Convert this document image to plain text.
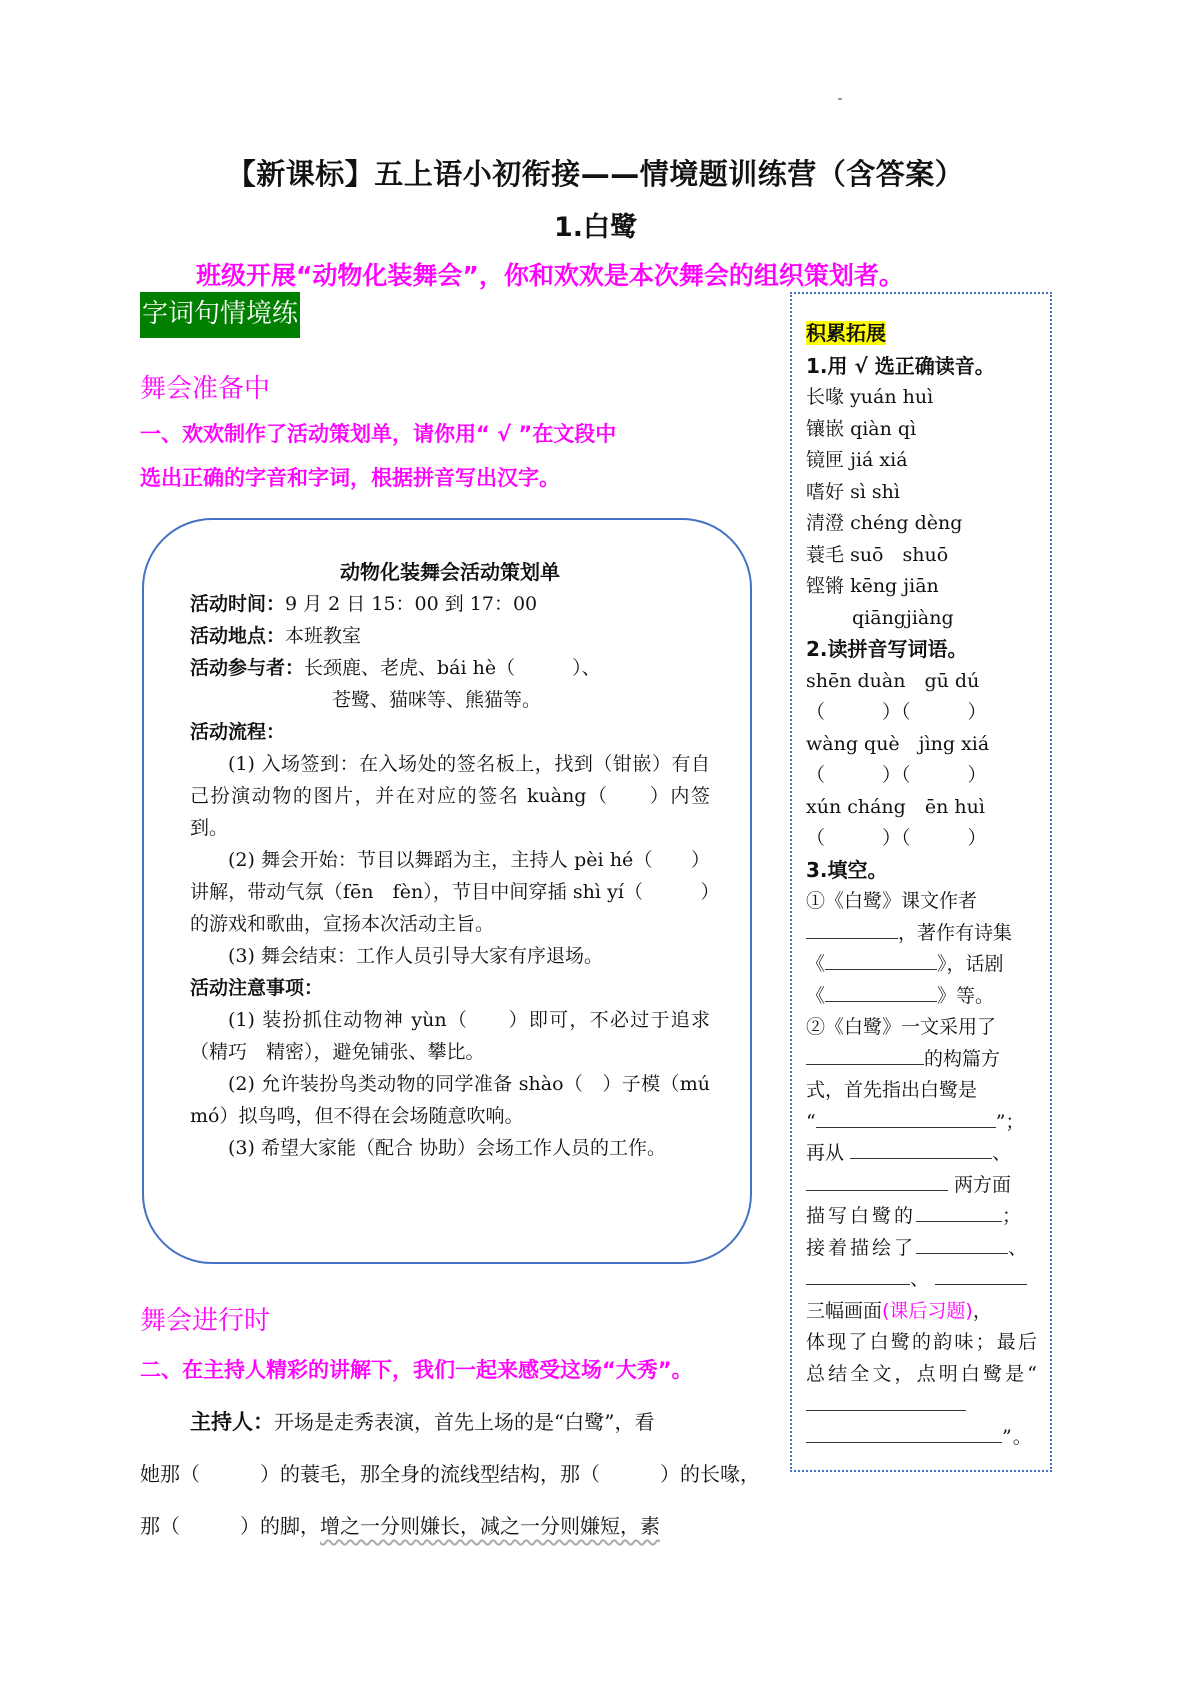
【新课标】五上语小初衔接——情境题训练营（含答案）
1.白鹭
班级开展“动物化装舞会”，你和欢欢是本次舞会的组织策划者。
字词句情境练
舞会准备中
一、欢欢制作了活动策划单，请你用“ √ ”在文段中
选出正确的字音和字词，根据拼音写出汉字。

动物化装舞会活动策划单

活动时间：9 月 2 日 15：00 到 17：00

活动地点：本班教室

活动参与者：长颈鹿、老虎、bái hè（　　　）、

苍鹭、猫咪等、熊猫等。

活动流程：

(1) 入场签到：在入场处的签名板上，找到（钳嵌）有自己扮演动物的图片，并在对应的签名 kuàng（　　）内签到。

(2) 舞会开始：节目以舞蹈为主，主持人 pèi hé（　　）讲解，带动气氛（fēn　fèn），节目中间穿插 shì yí（　　　）的游戏和歌曲，宣扬本次活动主旨。

(3) 舞会结束：工作人员引导大家有序退场。

活动注意事项：

(1) 装扮抓住动物神 yùn（　　）即可，不必过于追求（精巧　精密），避免铺张、攀比。

(2) 允许装扮鸟类动物的同学准备 shào（　）子模（mú　mó）拟鸟鸣，但不得在会场随意吹响。

(3) 希望大家能（配合 协助）会场工作人员的工作。

积累拓展

1.用 √ 选正确读音。

长喙 yuán huì

镶嵌 qiàn qì

镜匣 jiá xiá

嗜好 sì shì

清澄 chéng dèng

蓑毛 suō　shuō

铿锵 kēng jiān

qiāngjiàng

2.读拼音写词语。

shēn duàn　gū dú

（　　　）（　　　）

wàng què　jìng xiá

（　　　）（　　　）

xún cháng　ēn huì

（　　　）（　　　）

3.填空。

①《白鹭》课文作者

，著作有诗集

《	》，话剧

《	》等。

②《白鹭》一文采用了

的构篇方

式，首先指出白鹭是

“	”；

再从	、

两方面

描写白鹭的	；

接着描绘了	、

、

三幅画面(课后习题)，

体现了白鹭的韵味；最后总结全文，点明白鹭是“”。

舞会进行时
二、在主持人精彩的讲解下，我们一起来感受这场“大秀”。

主持人：开场是走秀表演，首先上场的是“白鹭”，看

她那（　　　）的蓑毛，那全身的流线型结构，那（　　　）的长喙，

那（　　　）的脚，增之一分则嫌长，减之一分则嫌短，素
